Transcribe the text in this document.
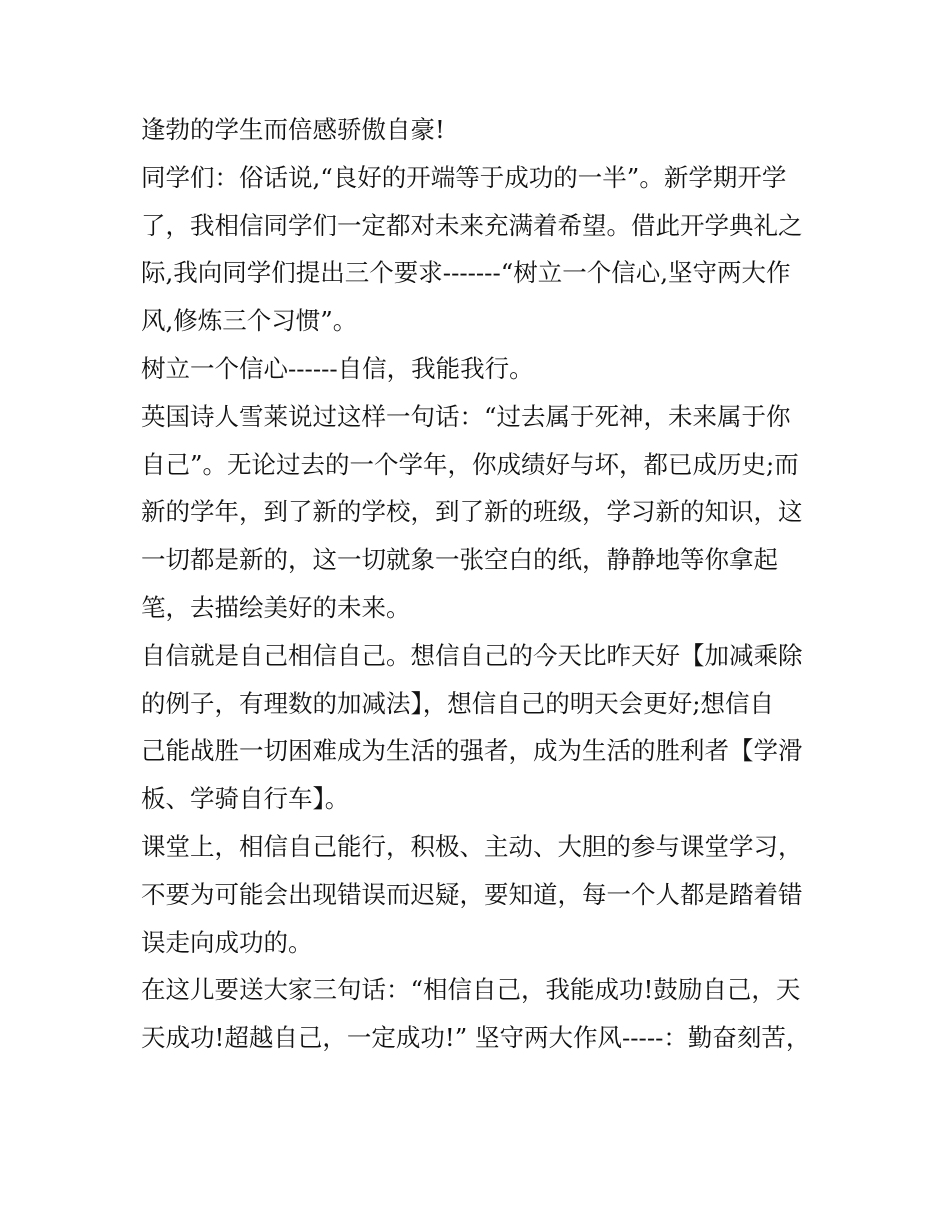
逢勃的学生而倍感骄傲自豪!

同学们：俗话说,“良好的开端等于成功的一半”。新学期开学
了，我相信同学们一定都对未来充满着希望。借此开学典礼之
际,我向同学们提出三个要求-------“树立一个信心,坚守两大作
风,修炼三个习惯”。

树立一个信心------自信，我能我行。

英国诗人雪莱说过这样一句话：“过去属于死神，未来属于你
自己”。无论过去的一个学年，你成绩好与坏，都已成历史;而
新的学年，到了新的学校，到了新的班级，学习新的知识，这
一切都是新的，这一切就象一张空白的纸，静静地等你拿起
笔，去描绘美好的未来。

自信就是自己相信自己。想信自己的今天比昨天好【加减乘除
的例子，有理数的加减法】，想信自己的明天会更好;想信自
己能战胜一切困难成为生活的强者，成为生活的胜利者【学滑
板、学骑自行车】。

课堂上，相信自己能行，积极、主动、大胆的参与课堂学习，
不要为可能会出现错误而迟疑，要知道，每一个人都是踏着错
误走向成功的。

在这儿要送大家三句话：“相信自己，我能成功!鼓励自己，天
天成功!超越自己，一定成功!” 坚守两大作风-----：勤奋刻苦，
